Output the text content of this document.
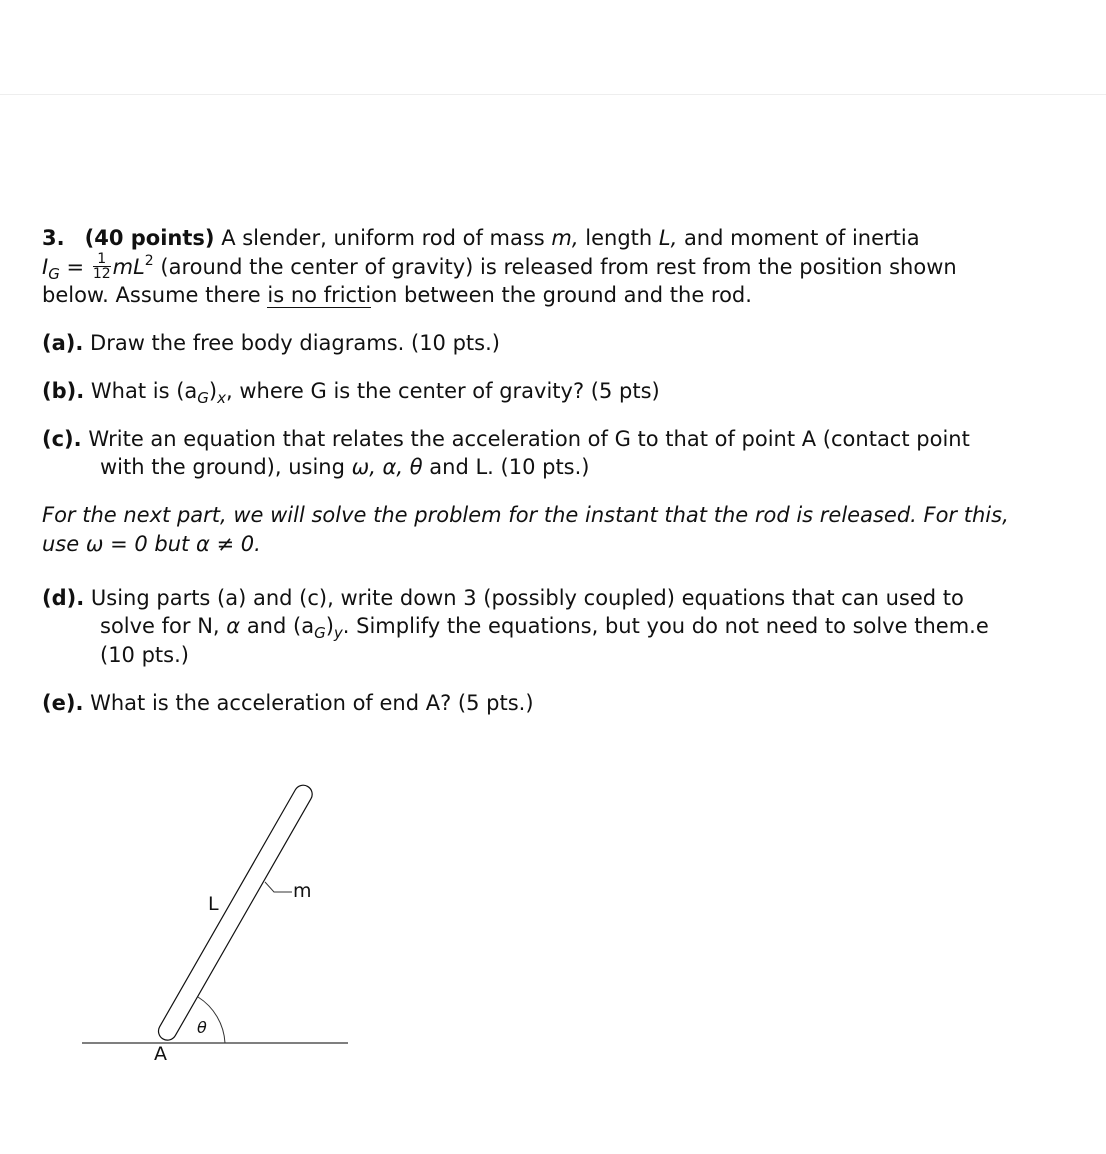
3. (40 points) A slender, uniform rod of mass m, length L, and moment of inertia
$I_G = \frac{1}{12} mL^2$ (around the center of gravity) is released from rest from the position shown
below. Assume there is no friction between the ground and the rod.
(a). Draw the free body diagrams. (10 pts.)
(b). What is $(a_G)_x$, where G is the center of gravity? (5 pts)
(c). Write an equation that relates the acceleration of G to that of point A (contact point
with the ground), using ω, α, θ and L. (10 pts.)
For the next part, we will solve the problem for the instant that the rod is released. For this,
use ω = 0 but α ≠ 0.
(d). Using parts (a) and (c), write down 3 (possibly coupled) equations that can used to
solve for N, α and $(a_G)_y$. Simplify the equations, but you do not need to solve them.e
(10 pts.)
(e). What is the acceleration of end A? (5 pts.)
L
m
θ
A
